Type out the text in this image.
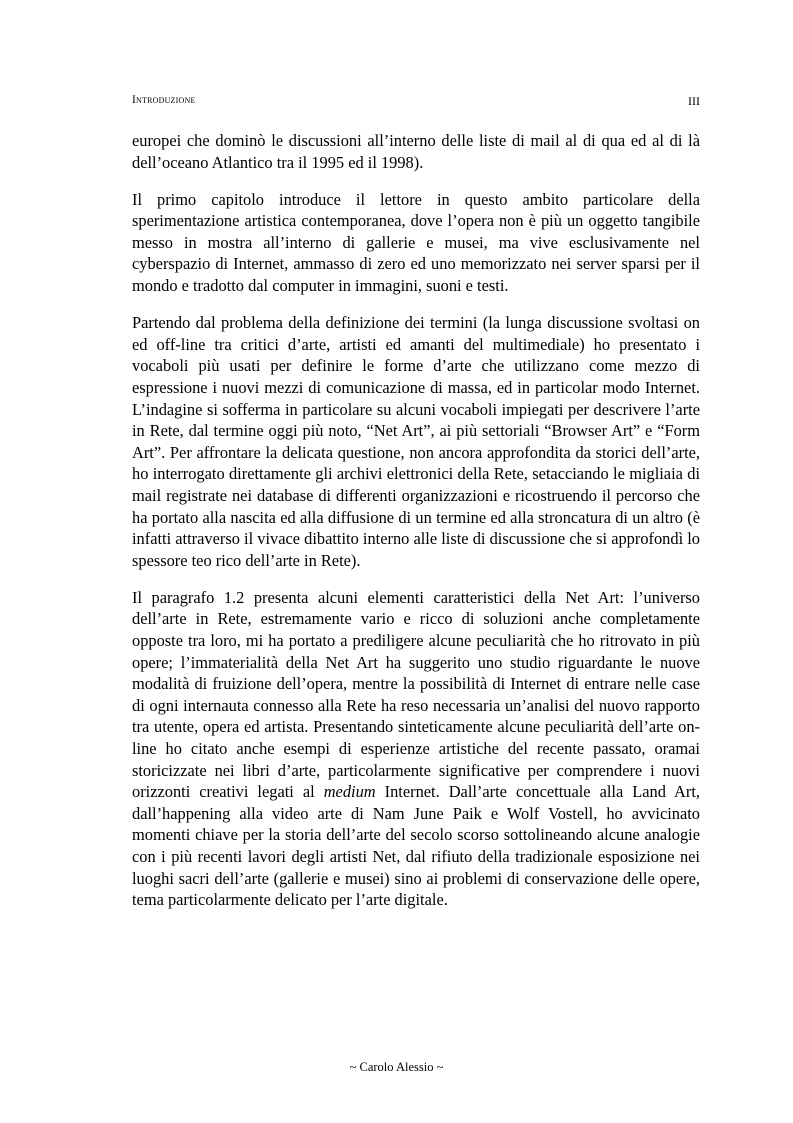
Introduzione	III

europei che dominò le discussioni all’interno delle liste di mail al di qua ed al di là dell’oceano Atlantico tra il 1995 ed il 1998).

Il primo capitolo introduce il lettore in questo ambito particolare della sperimentazione artistica contemporanea, dove l’opera non è più un oggetto tangibile messo in mostra all’interno di gallerie e musei, ma vive esclusivamente nel cyberspazio di Internet, ammasso di zero ed uno memorizzato nei server sparsi per il mondo e tradotto dal computer in immagini, suoni e testi.

Partendo dal problema della definizione dei termini (la lunga discussione svoltasi on ed off-line tra critici d’arte, artisti ed amanti del multimediale) ho presentato i vocaboli più usati per definire le forme d’arte che utilizzano come mezzo di espressione i nuovi mezzi di comunicazione di massa, ed in particolar modo Internet. L’indagine si sofferma in particolare su alcuni vocaboli impiegati per descrivere l’arte in Rete, dal termine oggi più noto, “Net Art”, ai più settoriali “Browser Art” e “Form Art”. Per affrontare la delicata questione, non ancora approfondita da storici dell’arte, ho interrogato direttamente gli archivi elettronici della Rete, setacciando le migliaia di mail registrate nei database di differenti organizzazioni e ricostruendo il percorso che ha portato alla nascita ed alla diffusione di un termine ed alla stroncatura di un altro (è infatti attraverso il vivace dibattito interno alle liste di discussione che si approfondì lo spessore teo rico dell’arte in Rete).

Il paragrafo 1.2 presenta alcuni elementi caratteristici della Net Art: l’universo dell’arte in Rete, estremamente vario e ricco di soluzioni anche completamente opposte tra loro, mi ha portato a prediligere alcune peculiarità che ho ritrovato in più opere; l’immaterialità della Net Art ha suggerito uno studio riguardante le nuove modalità di fruizione dell’opera, mentre la possibilità di Internet di entrare nelle case di ogni internauta connesso alla Rete ha reso necessaria un’analisi del nuovo rapporto tra utente, opera ed artista. Presentando sinteticamente alcune peculiarità dell’arte on-line ho citato anche esempi di esperienze artistiche del recente passato, oramai storicizzate nei libri d’arte, particolarmente significative per comprendere i nuovi orizzonti creativi legati al medium Internet. Dall’arte concettuale alla Land Art, dall’happening alla video arte di Nam June Paik e Wolf Vostell, ho avvicinato momenti chiave per la storia dell’arte del secolo scorso sottolineando alcune analogie con i più recenti lavori degli artisti Net, dal rifiuto della tradizionale esposizione nei luoghi sacri dell’arte (gallerie e musei) sino ai problemi di conservazione delle opere, tema particolarmente delicato per l’arte digitale.

~ Carolo Alessio ~
